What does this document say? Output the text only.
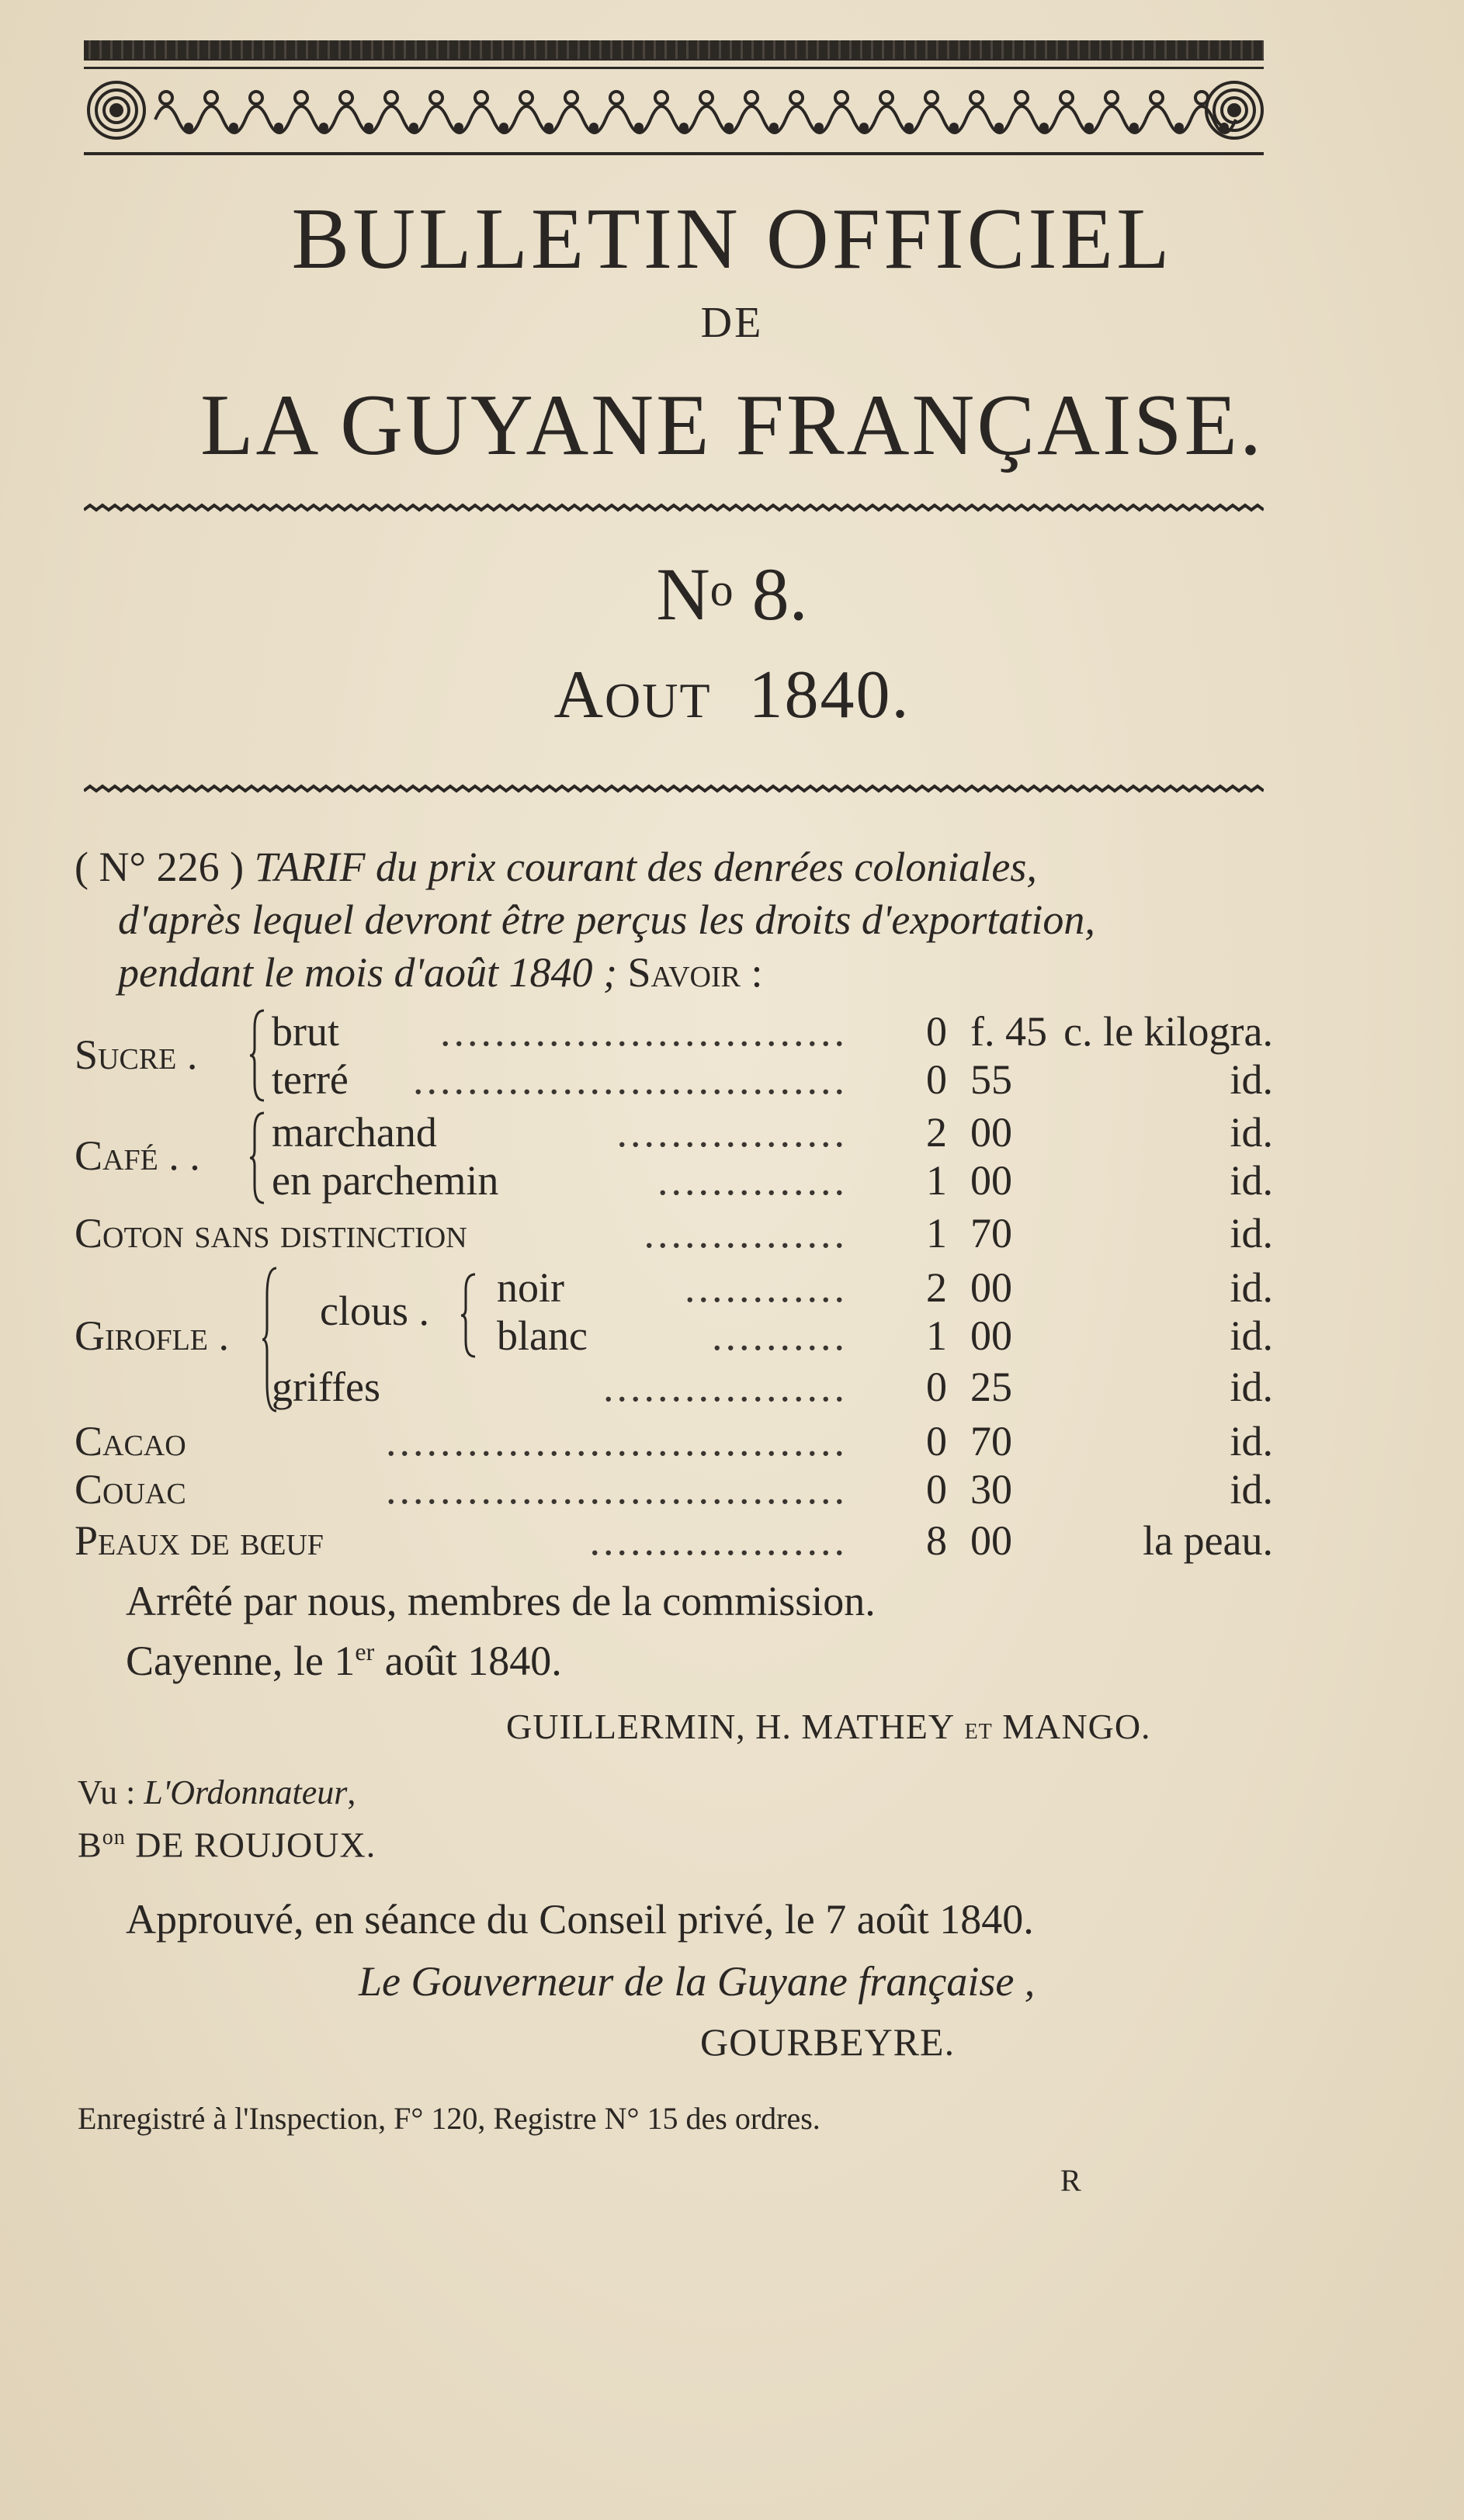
BULLETIN OFFICIEL
DE
LA GUYANE FRANÇAISE.
$N^o$ 8.
AOUT 1840.
( N° 226 ) TARIF du prix courant des denrées coloniales,
d'après lequel devront être perçus les droits d'exportation,
pendant le mois d'août 1840 ; Savoir :
Sucre . brut ..............................	0 f. 45 c. le kilogra.
terré ................................	0 55	id.
Café . . marchand	.................	2 00	id.
en parchemin	..............	1 00	id.
Coton sans distinction	...............	1 70	id.
Girofle .
clous . noir	............	2 00	id.
blanc	..........	1 00	id.
griffes	..................	0 25	id.
Cacao	..................................	0 70	id.
Couac	..................................	0 30	id.
Peaux de bœuf	...................	8 00	la peau.
Arrêté par nous, membres de la commission.
Cayenne, le 1er août 1840.
GUILLERMIN, H. MATHEY et MANGO.
Vu : L'Ordonnateur,
$B^{on}$ DE ROUJOUX.
Approuvé, en séance du Conseil privé, le 7 août 1840.
Le Gouverneur de la Guyane française ,
GOURBEYRE.
Enregistré à l'Inspection, F° 120, Registre N° 15 des ordres.
R
